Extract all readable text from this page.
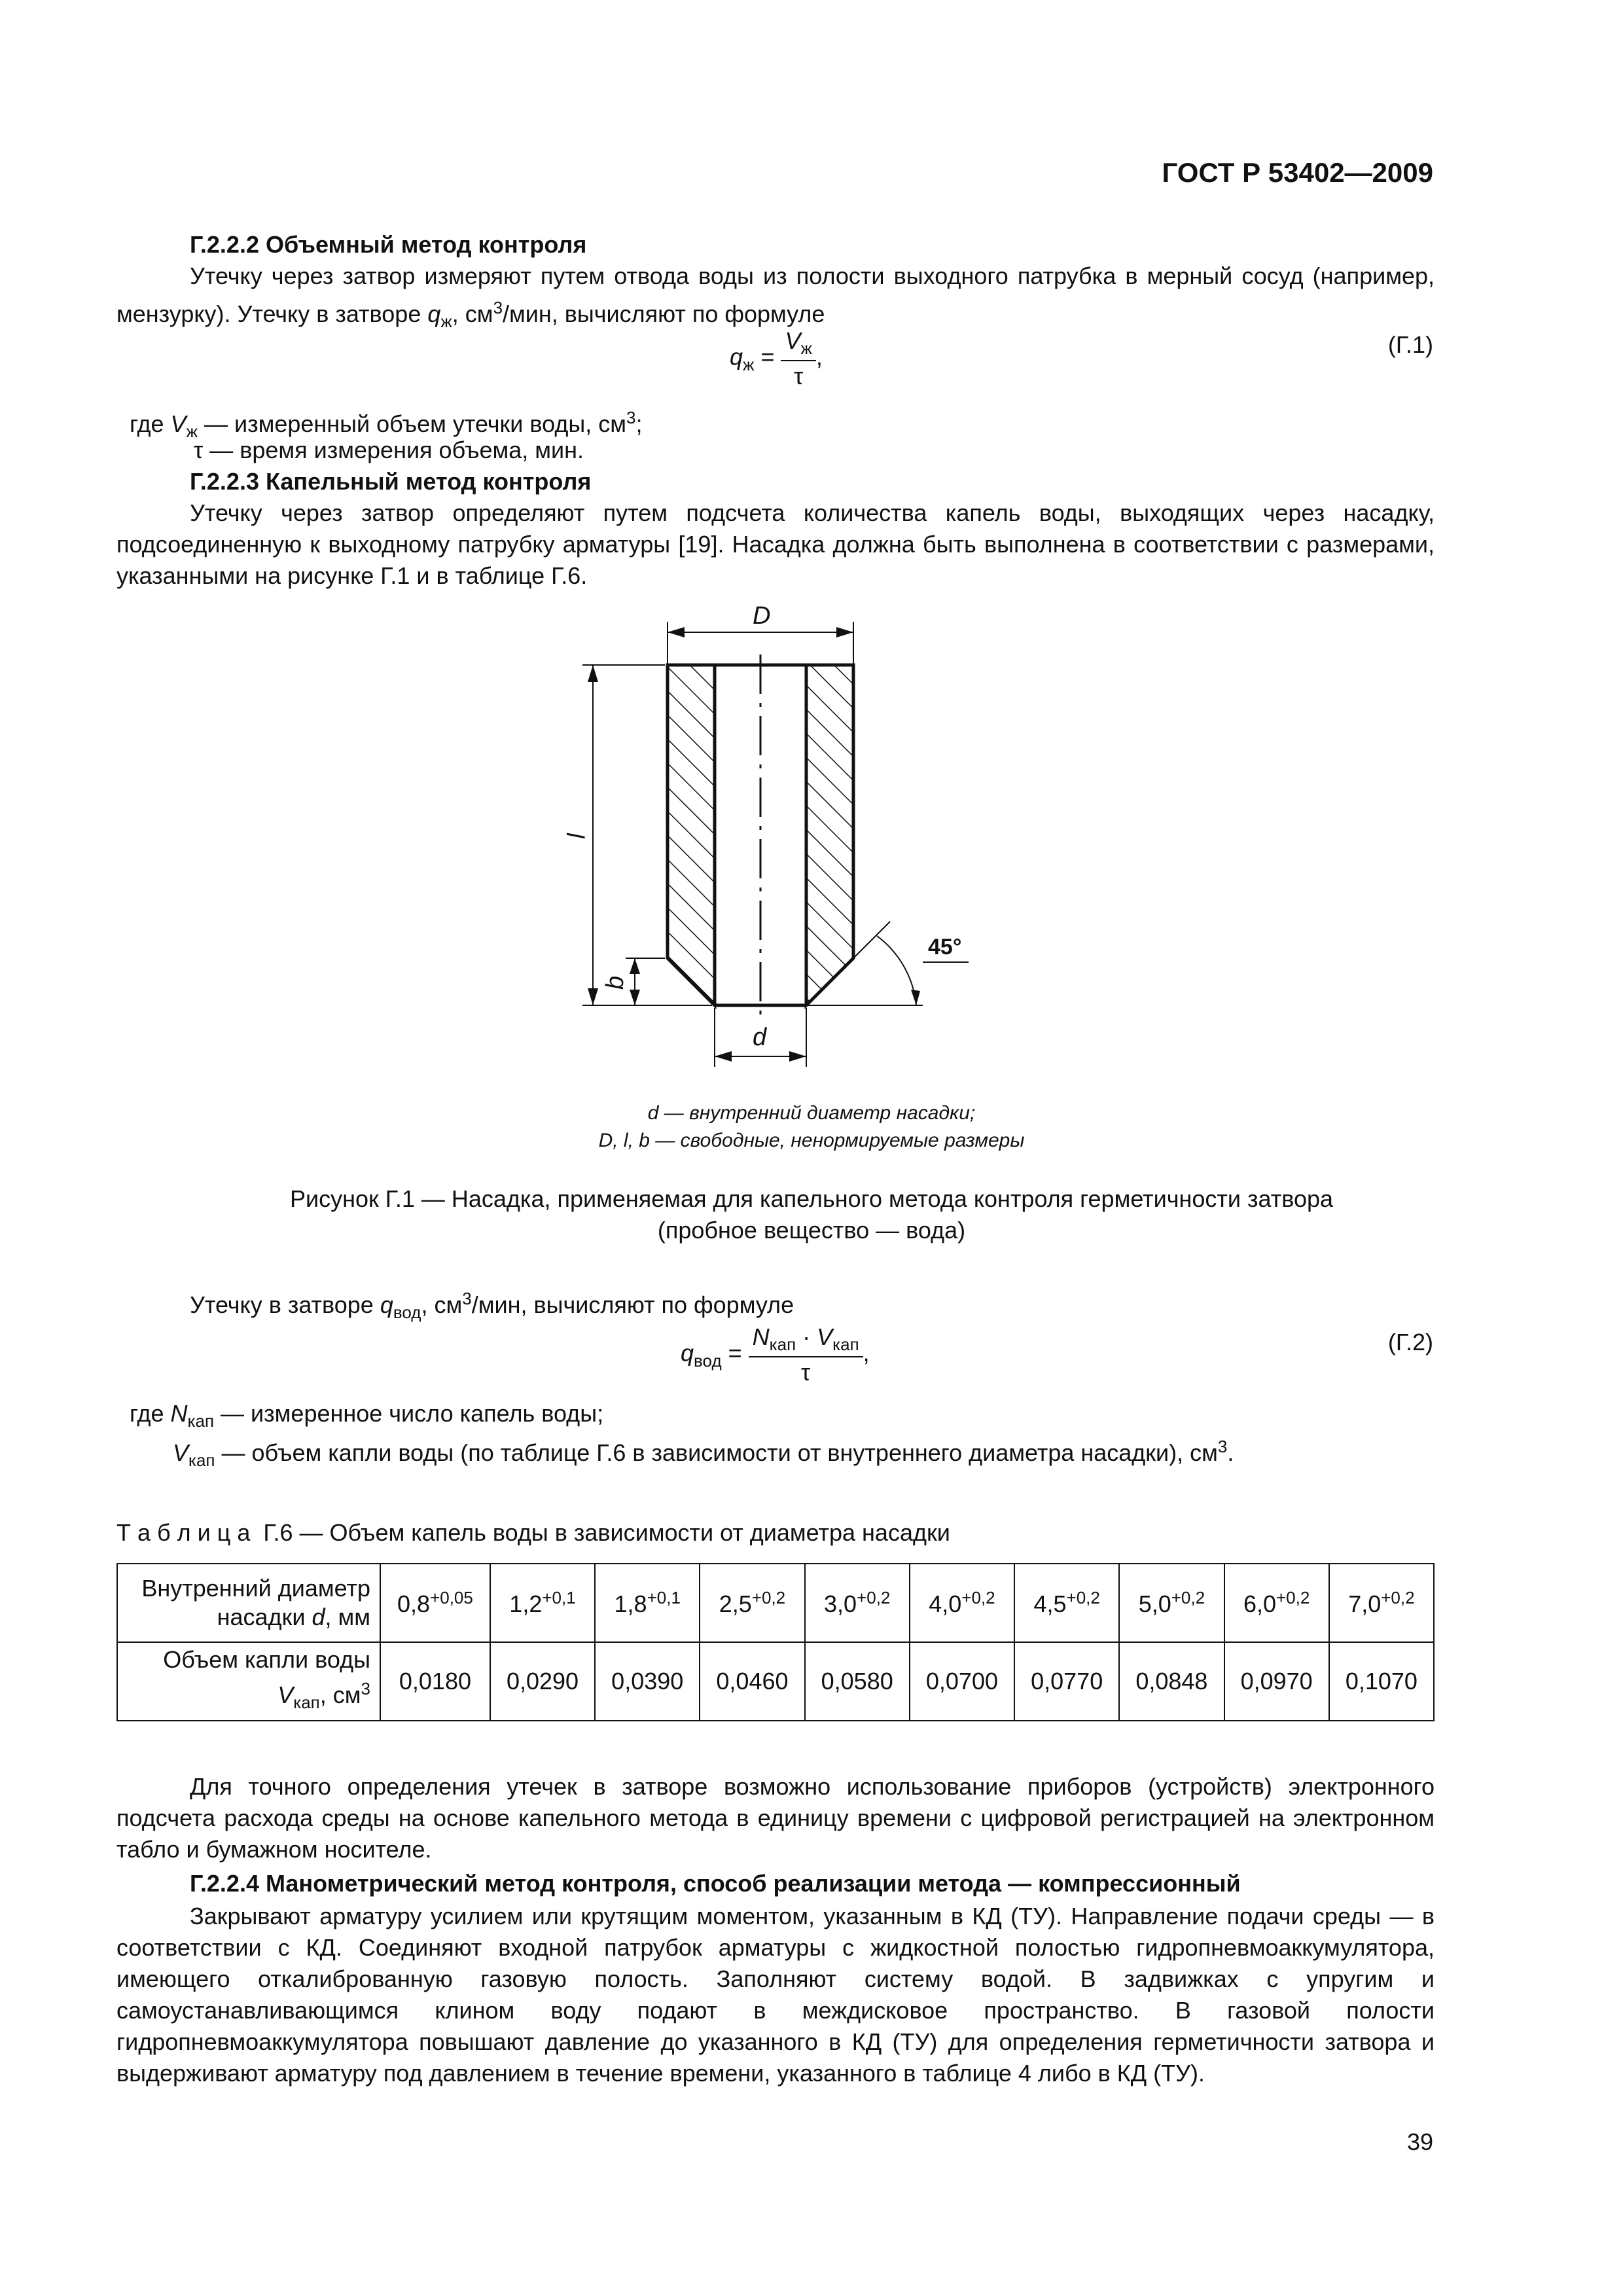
ГОСТ Р 53402—2009
Г.2.2.2 Объемный метод контроля
Утечку через затвор измеряют путем отвода воды из полости выходного патрубка в мерный сосуд (например, мензурку). Утечку в затворе $q_ж$, $см^3$/мин, вычисляют по формуле
$q_ж = \frac{V_ж}{\tau}$ ,	(Г.1)
где $V_ж$ — измеренный объем утечки воды, $см^3$;
τ — время измерения объема, мин.
Г.2.2.3 Капельный метод контроля
Утечку через затвор определяют путем подсчета количества капель воды, выходящих через насадку, подсоединенную к выходному патрубку арматуры [19]. Насадка должна быть выполнена в соответствии с размерами, указанными на рисунке Г.1 и в таблице Г.6.
D
l
b
d
45°
d — внутренний диаметр насадки;
D, l, b — свободные, ненормируемые размеры
Рисунок Г.1 — Насадка, применяемая для капельного метода контроля герметичности затвора
(пробное вещество — вода)
Утечку в затворе $q_{вод}$, $см^3$/мин, вычисляют по формуле
$q_{вод} = \frac{N_{кап} \cdot V_{кап}}{\tau}$ ,	(Г.2)
где $N_{кап}$ — измеренное число капель воды;
$V_{кап}$ — объем капли воды (по таблице Г.6 в зависимости от внутреннего диаметра насадки), $см^3$.
Т а б л и ц а  Г.6 — Объем капель воды в зависимости от диаметра насадки
Внутренний диаметр насадки d, мм	$0,8^{+0,05}$	$1,2^{+0,1}$	$1,8^{+0,1}$	$2,5^{+0,2}$	$3,0^{+0,2}$	$4,0^{+0,2}$	$4,5^{+0,2}$	$5,0^{+0,2}$	$6,0^{+0,2}$	$7,0^{+0,2}$
Объем капли воды $V_{кап}$, $см^3$	0,0180	0,0290	0,0390	0,0460	0,0580	0,0700	0,0770	0,0848	0,0970	0,1070
Для точного определения утечек в затворе возможно использование приборов (устройств) электронного подсчета расхода среды на основе капельного метода в единицу времени с цифровой регистрацией на электронном табло и бумажном носителе.
Г.2.2.4 Манометрический метод контроля, способ реализации метода — компрессионный
Закрывают арматуру усилием или крутящим моментом, указанным в КД (ТУ). Направление подачи среды — в соответствии с КД. Соединяют входной патрубок арматуры с жидкостной полостью гидропневмоаккумулятора, имеющего откалиброванную газовую полость. Заполняют систему водой. В задвижках с упругим и самоустанавливающимся клином воду подают в междисковое пространство. В газовой полости гидропневмоаккумулятора повышают давление до указанного в КД (ТУ) для определения герметичности затвора и выдерживают арматуру под давлением в течение времени, указанного в таблице 4 либо в КД (ТУ).
39
